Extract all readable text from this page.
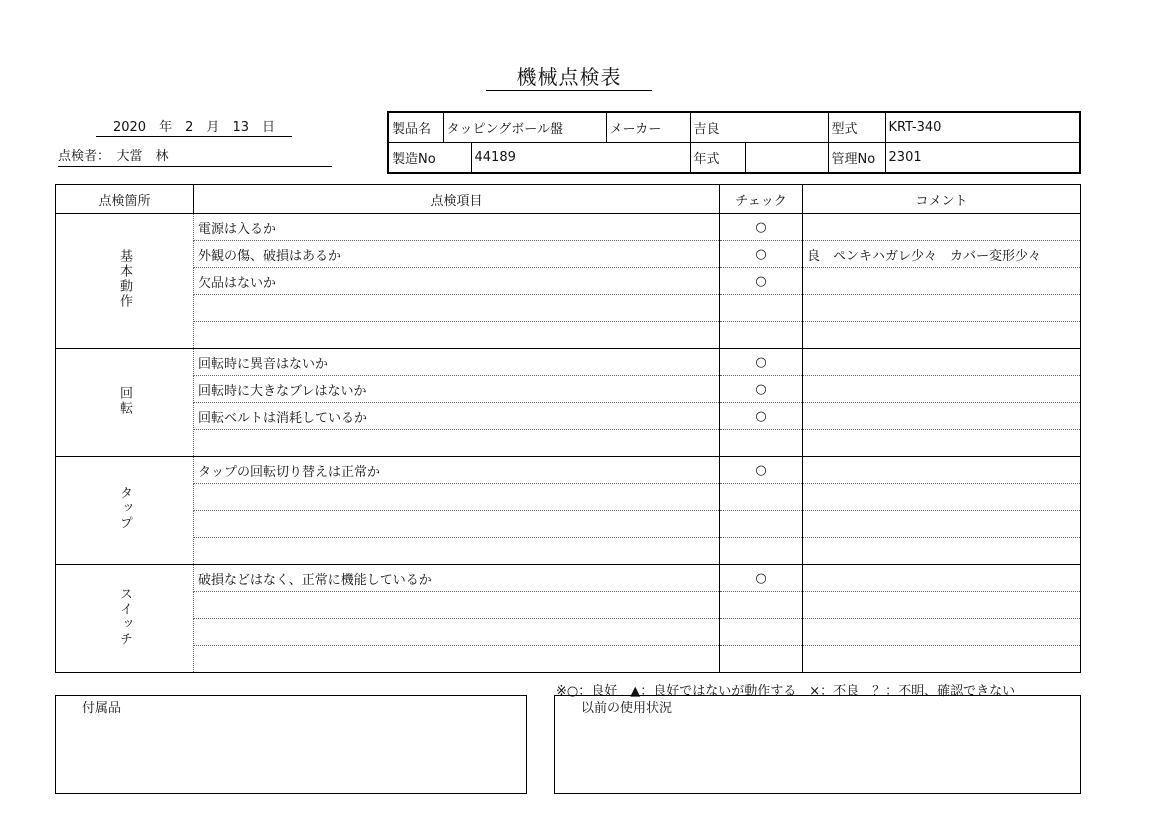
機械点検表
2020　 年　 2　 月　 13　 日
点検者：　 大當　林
製品名	タッピングボール盤		メーカー	吉良		型式	KRT-340
製造No		44189		年式		管理No	2301
点検箇所	点検項目	チェック	コメント
基本動作	電源は入るか	○	
	外観の傷、破損はあるか	○	良　ペンキハガレ少々　カバー変形少々
	欠品はないか	○	

回転	回転時に異音はないか	○	
	回転時に大きなブレはないか	○	
	回転ベルトは消耗しているか	○	

タップ	タップの回転切り替えは正常か	○	

スイッチ	破損などはなく、正常に機能しているか	○	

※○：良好　▲：良好ではないが動作する　×：不良　？：不明、確認できない
付属品	以前の使用状況
